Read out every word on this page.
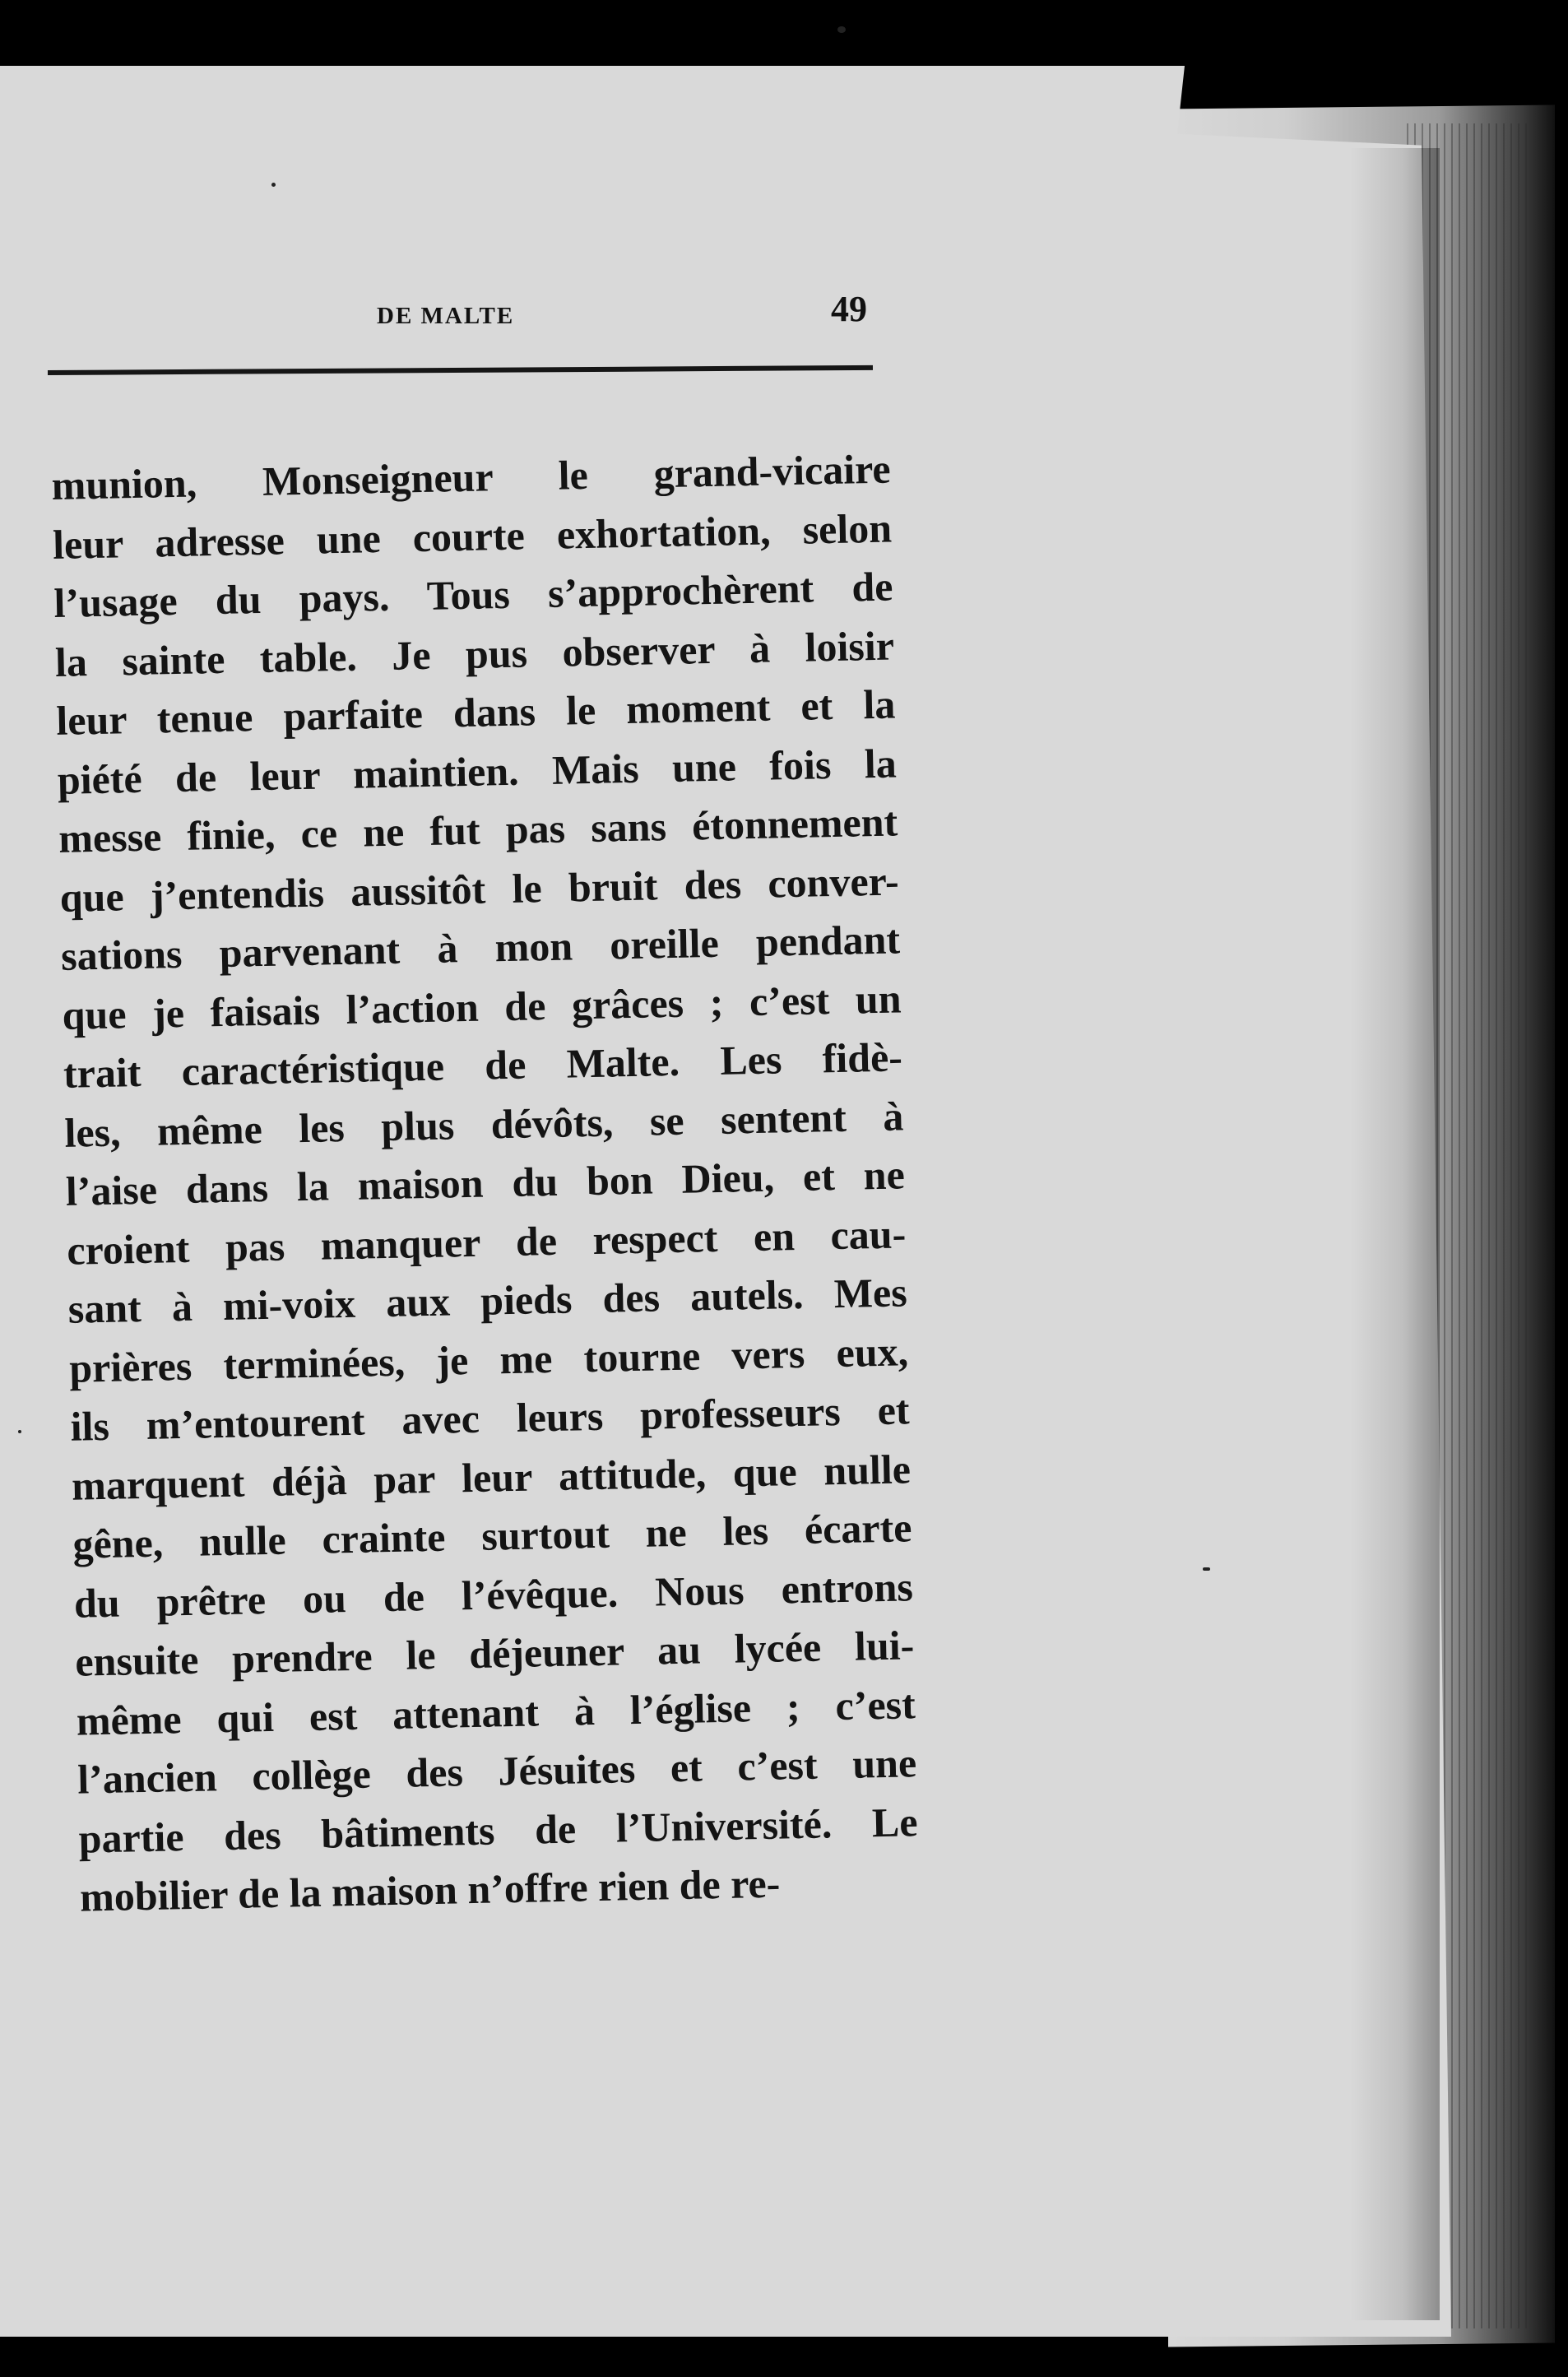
DE MALTE	49
munion, Monseigneur le grand-vicaire
leur adresse une courte exhortation, selon
l’usage du pays. Tous s’approchèrent de
la sainte table. Je pus observer à loisir
leur tenue parfaite dans le moment et la
piété de leur maintien. Mais une fois la
messe finie, ce ne fut pas sans étonnement
que j’entendis aussitôt le bruit des conver-
sations parvenant à mon oreille pendant
que je faisais l’action de grâces ; c’est un
trait caractéristique de Malte. Les fidè-
les, même les plus dévôts, se sentent à
l’aise dans la maison du bon Dieu, et ne
croient pas manquer de respect en cau-
sant à mi-voix aux pieds des autels. Mes
prières terminées, je me tourne vers eux,
ils m’entourent avec leurs professeurs et
marquent déjà par leur attitude, que nulle
gêne, nulle crainte surtout ne les écarte
du prêtre ou de l’évêque. Nous entrons
ensuite prendre le déjeuner au lycée lui-
même qui est attenant à l’église ; c’est
l’ancien collège des Jésuites et c’est une
partie des bâtiments de l’Université. Le
mobilier de la maison n’offre rien de re-
